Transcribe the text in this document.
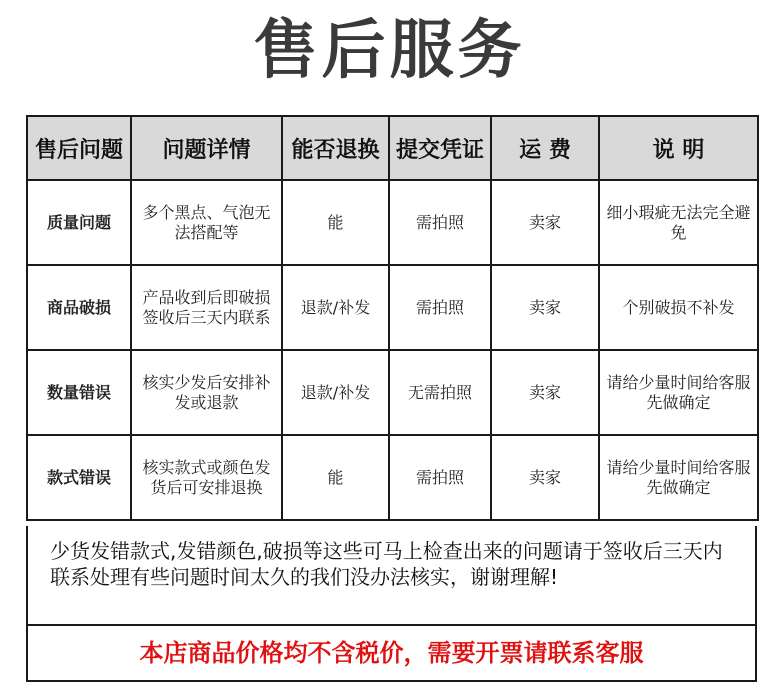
售后服务
售后问题	问题详情	能否退换	提交凭证	运 费	说 明
质量问题	多个黑点、气泡无法搭配等	能	需拍照	卖家	细小瑕疵无法完全避免
商品破损	产品收到后即破损签收后三天内联系	退款/补发	需拍照	卖家	个别破损不补发
数量错误	核实少发后安排补发或退款	退款/补发	无需拍照	卖家	请给少量时间给客服先做确定
款式错误	核实款式或颜色发货后可安排退换	能	需拍照	卖家	请给少量时间给客服先做确定
少货发错款式,发错颜色,破损等这些可马上检查出来的问题请于签收后三天内联系处理有些问题时间太久的我们没办法核实，谢谢理解!
本店商品价格均不含税价，需要开票请联系客服
